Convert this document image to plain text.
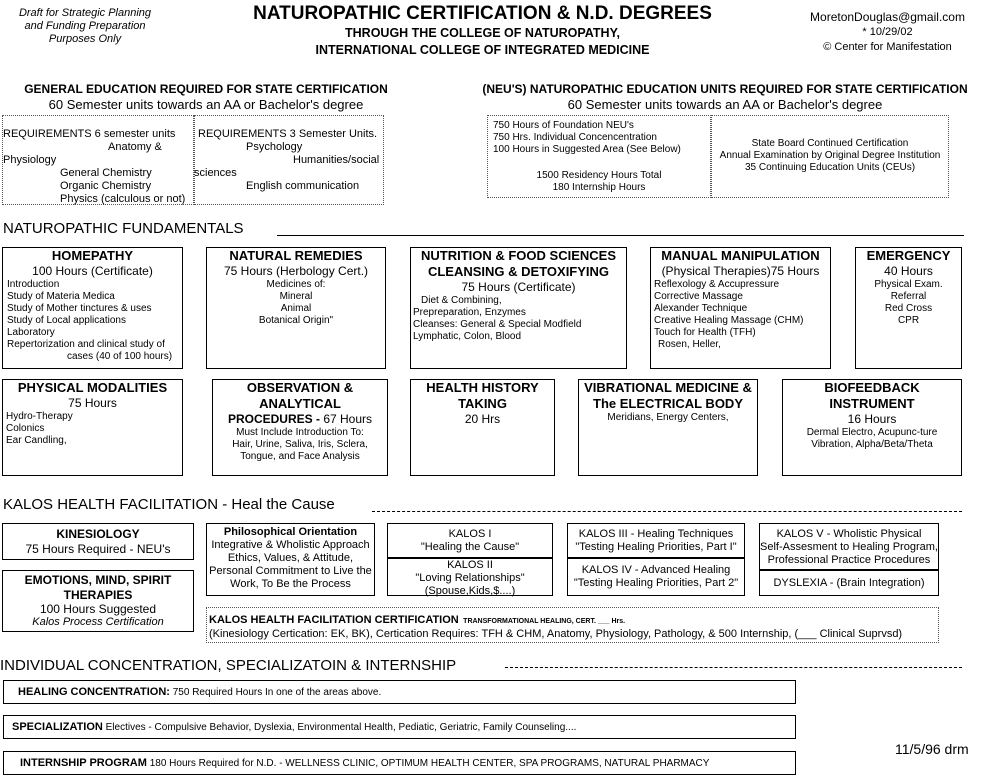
Draft for Strategic Planning
and Funding Preparation
Purposes Only
NATUROPATHIC CERTIFICATION & N.D. DEGREES
THROUGH THE COLLEGE OF NATUROPATHY,
INTERNATIONAL COLLEGE OF INTEGRATED MEDICINE
MoretonDouglas@gmail.com
* 10/29/02
© Center for Manifestation
GENERAL EDUCATION REQUIRED FOR STATE CERTIFICATION
60 Semester units towards an AA or Bachelor's degree
REQUIREMENTS 6 semester units
Anatomy &
Physiology
General Chemistry
Organic Chemistry
Physics (calculous or not)
REQUIREMENTS 3 Semester Units.
Psychology
Humanities/social
sciences
English communication
(NEU'S) NATUROPATHIC EDUCATION UNITS REQUIRED FOR STATE CERTIFICATION
60 Semester units towards an AA or Bachelor's degree
750 Hours of Foundation NEU's
750 Hrs. Individual Concencentration
100 Hours in Suggested Area (See Below)
1500 Residency Hours Total
180 Internship Hours
State Board Continued Certification
Annual Examination by Original Degree Institution
35 Continuing Education Units (CEUs)
NATUROPATHIC FUNDAMENTALS
HOMEPATHY
100 Hours (Certificate)
Introduction
Study of Materia Medica
Study of Mother tinctures & uses
Study of Local applications
Laboratory
Repertorization and clinical study of
cases (40 of 100 hours)
NATURAL REMEDIES
75 Hours (Herbology Cert.)
Medicines of:
Mineral
Animal
Botanical Origin"
NUTRITION & FOOD SCIENCES
CLEANSING & DETOXIFYING
75 Hours (Certificate)
Diet & Combining,
Prepreparation, Enzymes
Cleanses: General & Special Modfield
Lymphatic, Colon, Blood
MANUAL MANIPULATION
(Physical Therapies)75 Hours
Reflexology & Accupressure
Corrective Massage
Alexander Technique
Creative Healing Massage (CHM)
Touch for Health (TFH)
Rosen, Heller,
EMERGENCY
40 Hours
Physical Exam.
Referral
Red Cross
CPR
PHYSICAL MODALITIES
75 Hours
Hydro-Therapy
Colonics
Ear Candling,
OBSERVATION &
ANALYTICAL
PROCEDURES - 67 Hours
Must Include Introduction To:
Hair, Urine, Saliva, Iris, Sclera,
Tongue, and Face Analysis
HEALTH HISTORY
TAKING
20 Hrs
VIBRATIONAL MEDICINE &
The ELECTRICAL BODY
Meridians, Energy Centers,
BIOFEEDBACK
INSTRUMENT
16 Hours
Dermal Electro, Acupunc-ture
Vibration, Alpha/Beta/Theta
KALOS HEALTH FACILITATION - Heal the Cause
KINESIOLOGY
75 Hours Required - NEU's
EMOTIONS, MIND, SPIRIT
THERAPIES
100 Hours Suggested
Kalos Process Certification
Philosophical Orientation
Integrative & Wholistic Approach
Ethics, Values, & Attitude,
Personal Commitment to Live the
Work, To Be the Process
KALOS I
"Healing the Cause"
KALOS II
"Loving Relationships"
(Spouse,Kids,$....)
KALOS III - Healing Techniques
"Testing Healing Priorities, Part I"
KALOS IV - Advanced Healing
"Testing Healing Priorities, Part 2"
KALOS V - Wholistic Physical
Self-Assesment to Healing Program,
Professional Practice Procedures
DYSLEXIA - (Brain Integration)
KALOS HEALTH FACILITATION CERTIFICATION TRANSFORMATIONAL HEALING, CERT. ___ Hrs.
(Kinesiology Certication: EK, BK), Certication Requires: TFH & CHM, Anatomy, Physiology, Pathology, & 500 Internship, (___ Clinical Suprvsd)
INDIVIDUAL CONCENTRATION, SPECIALIZATOIN & INTERNSHIP
HEALING CONCENTRATION: 750 Required Hours In one of the areas above.
SPECIALIZATION Electives - Compulsive Behavior, Dyslexia, Environmental Health, Pediatic, Geriatric, Family Counseling....
INTERNSHIP PROGRAM 180 Hours Required for N.D. - WELLNESS CLINIC, OPTIMUM HEALTH CENTER, SPA PROGRAMS, NATURAL PHARMACY
11/5/96 drm
